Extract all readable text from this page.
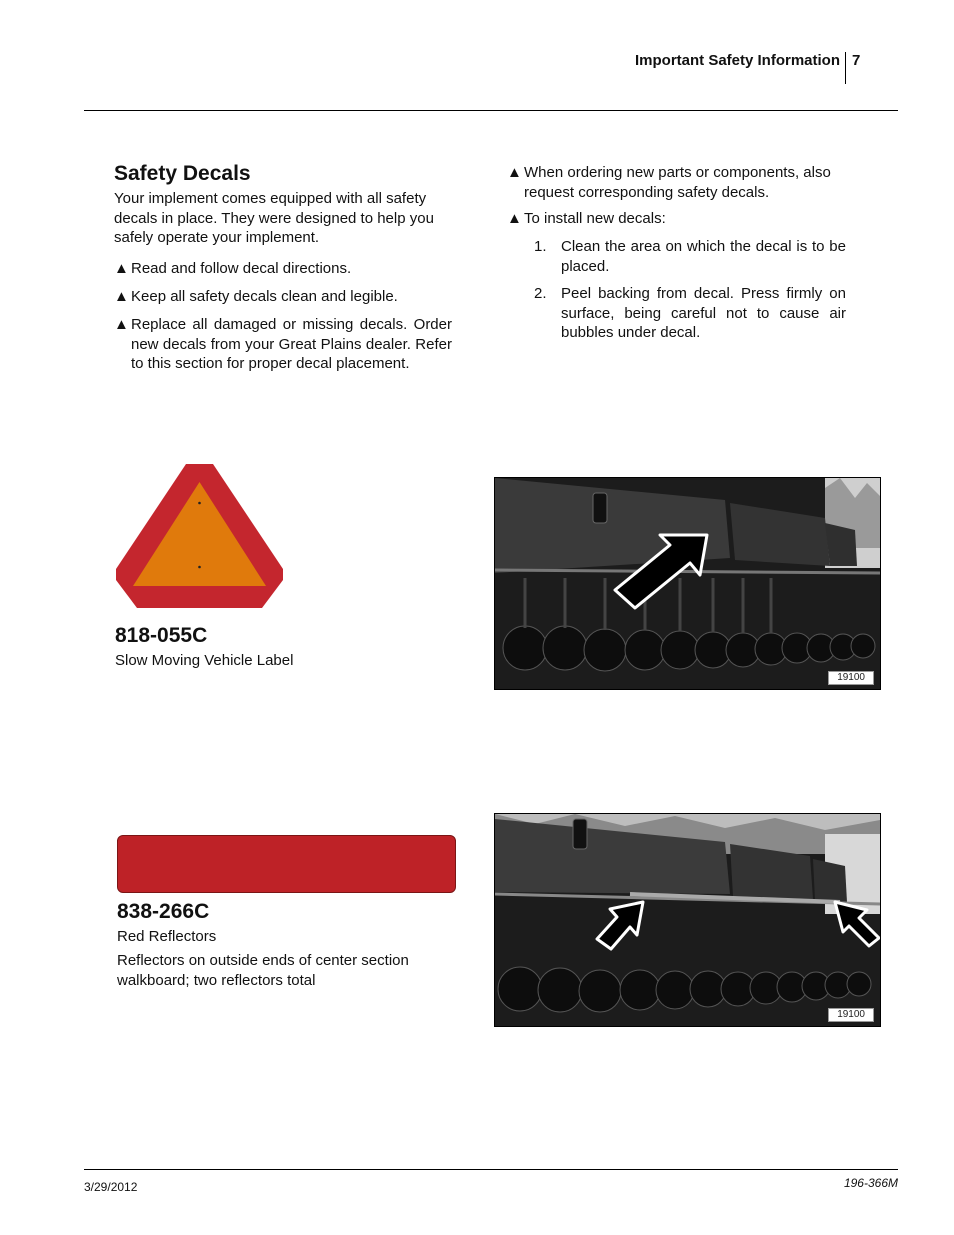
Important Safety Information 7
Safety Decals
Your implement comes equipped with all safety decals in place. They were designed to help you safely operate your implement.
▲ Read and follow decal directions.
▲ Keep all safety decals clean and legible.
▲ Replace all damaged or missing decals. Order new decals from your Great Plains dealer. Refer to this section for proper decal placement.
▲ When ordering new parts or components, also request corresponding safety decals.
▲ To install new decals:
1. Clean the area on which the decal is to be placed.
2. Peel backing from decal. Press firmly on surface, being careful not to cause air bubbles under decal.
818-055C
Slow Moving Vehicle Label
19100
838-266C
Red Reflectors
Reflectors on outside ends of center section walkboard; two reflectors total
19100
3/29/2012	196-366M
